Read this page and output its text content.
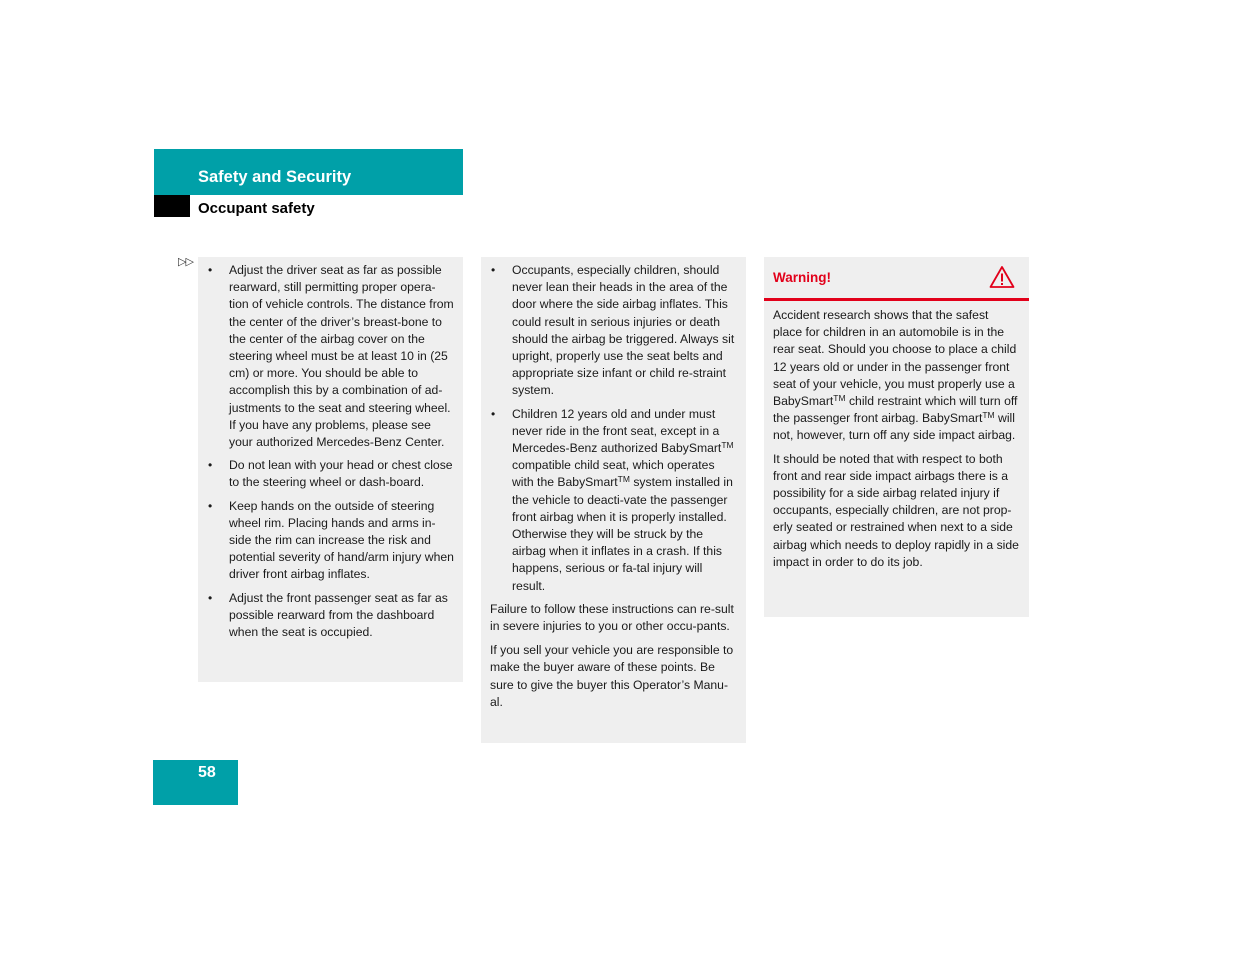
Safety and Security
Occupant safety
▷▷
• Adjust the driver seat as far as possible rearward, still permitting proper opera-tion of vehicle controls. The distance from the center of the driver’s breast-bone to the center of the airbag cover on the steering wheel must be at least 10 in (25 cm) or more. You should be able to accomplish this by a combination of ad-justments to the seat and steering wheel. If you have any problems, please see your authorized Mercedes-Benz Center.
• Do not lean with your head or chest close to the steering wheel or dash-board.
• Keep hands on the outside of steering wheel rim. Placing hands and arms in-side the rim can increase the risk and potential severity of hand/arm injury when driver front airbag inflates.
• Adjust the front passenger seat as far as possible rearward from the dashboard when the seat is occupied.
• Occupants, especially children, should never lean their heads in the area of the door where the side airbag inflates. This could result in serious injuries or death should the airbag be triggered. Always sit upright, properly use the seat belts and appropriate size infant or child re-straint system.
• Children 12 years old and under must never ride in the front seat, except in a Mercedes-Benz authorized BabySmart™ compatible child seat, which operates with the BabySmart™ system installed in the vehicle to deacti-vate the passenger front airbag when it is properly installed. Otherwise they will be struck by the airbag when it inflates in a crash. If this happens, serious or fa-tal injury will result.

Failure to follow these instructions can re-sult in severe injuries to you or other occu-pants.

If you sell your vehicle you are responsible to make the buyer aware of these points. Be sure to give the buyer this Operator’s Manu-al.

Warning!

Accident research shows that the safest place for children in an automobile is in the rear seat. Should you choose to place a child 12 years old or under in the passenger front seat of your vehicle, you must properly use a BabySmart™ child restraint which will turn off the passenger front airbag. BabySmart™ will not, however, turn off any side impact airbag.

It should be noted that with respect to both front and rear side impact airbags there is a possibility for a side airbag related injury if occupants, especially children, are not prop-erly seated or restrained when next to a side airbag which needs to deploy rapidly in a side impact in order to do its job.

58
